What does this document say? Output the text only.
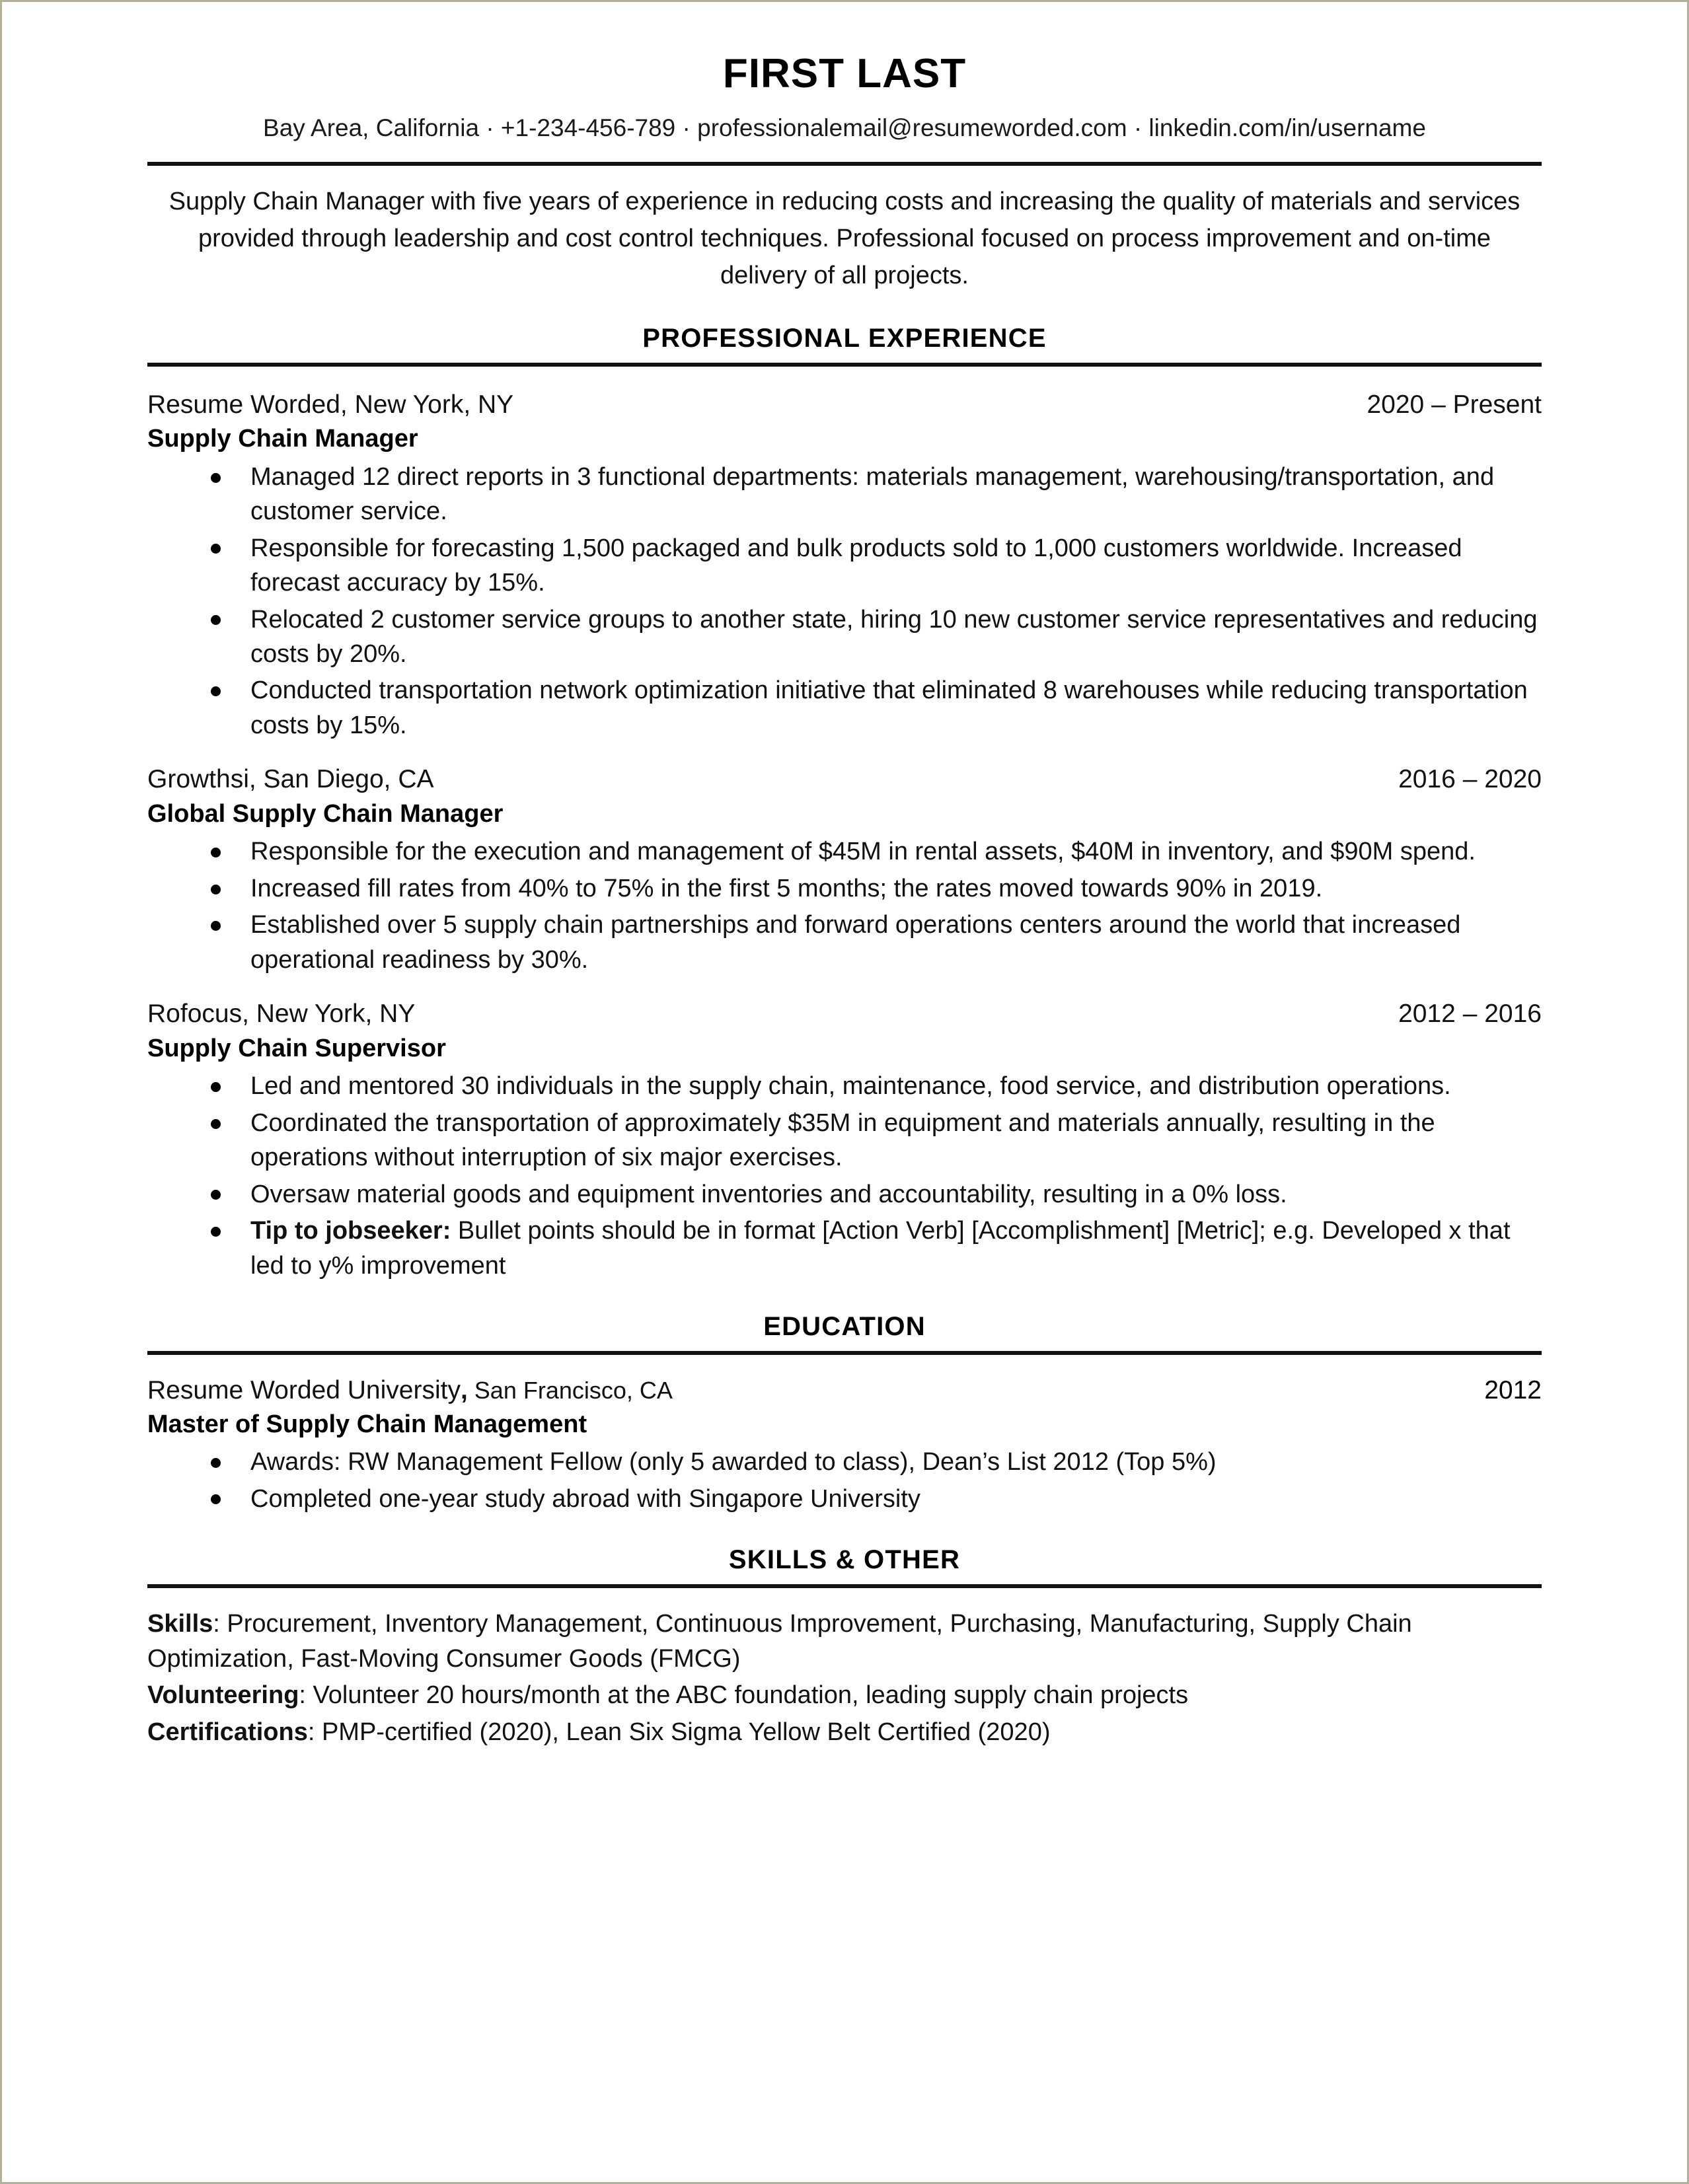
FIRST LAST
Bay Area, California · +1-234-456-789 · professionalemail@resumeworded.com · linkedin.com/in/username
Supply Chain Manager with five years of experience in reducing costs and increasing the quality of materials and services provided through leadership and cost control techniques. Professional focused on process improvement and on-time delivery of all projects.
PROFESSIONAL EXPERIENCE
Resume Worded, New York, NY	2020 – Present
Supply Chain Manager
Managed 12 direct reports in 3 functional departments: materials management, warehousing/transportation, and customer service.
Responsible for forecasting 1,500 packaged and bulk products sold to 1,000 customers worldwide. Increased forecast accuracy by 15%.
Relocated 2 customer service groups to another state, hiring 10 new customer service representatives and reducing costs by 20%.
Conducted transportation network optimization initiative that eliminated 8 warehouses while reducing transportation costs by 15%.
Growthsi, San Diego, CA	2016 – 2020
Global Supply Chain Manager
Responsible for the execution and management of $45M in rental assets, $40M in inventory, and $90M spend.
Increased fill rates from 40% to 75% in the first 5 months; the rates moved towards 90% in 2019.
Established over 5 supply chain partnerships and forward operations centers around the world that increased operational readiness by 30%.
Rofocus, New York, NY	2012 – 2016
Supply Chain Supervisor
Led and mentored 30 individuals in the supply chain, maintenance, food service, and distribution operations.
Coordinated the transportation of approximately $35M in equipment and materials annually, resulting in the operations without interruption of six major exercises.
Oversaw material goods and equipment inventories and accountability, resulting in a 0% loss.
Tip to jobseeker: Bullet points should be in format [Action Verb] [Accomplishment] [Metric]; e.g. Developed x that led to y% improvement
EDUCATION
Resume Worded University, San Francisco, CA	2012
Master of Supply Chain Management
Awards: RW Management Fellow (only 5 awarded to class), Dean’s List 2012 (Top 5%)
Completed one-year study abroad with Singapore University
SKILLS & OTHER
Skills: Procurement, Inventory Management, Continuous Improvement, Purchasing, Manufacturing, Supply Chain Optimization, Fast-Moving Consumer Goods (FMCG)
Volunteering: Volunteer 20 hours/month at the ABC foundation, leading supply chain projects
Certifications: PMP-certified (2020), Lean Six Sigma Yellow Belt Certified (2020)
